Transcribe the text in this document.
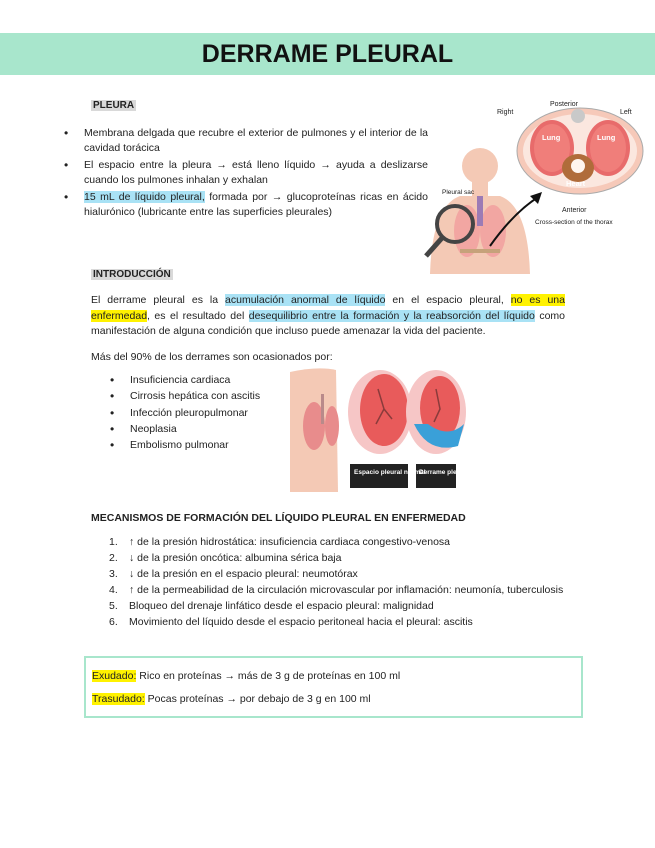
DERRAME PLEURAL
PLEURA
• Membrana delgada que recubre el exterior de pulmones y el interior de la cavidad torácica
• El espacio entre la pleura → está lleno líquido → ayuda a deslizarse cuando los pulmones inhalan y exhalan
• 15 mL de líquido pleural, formada por → glucoproteínas ricas en ácido hialurónico (lubricante entre las superficies pleurales)
Right
Posterior
Left
Lung	Lung
Heart
Pleural sac
Anterior
Cross-section of the thorax
INTRODUCCIÓN

El derrame pleural es la acumulación anormal de líquido en el espacio pleural, no es una enfermedad, es el resultado del desequilibrio entre la formación y la reabsorción del líquido como manifestación de alguna condición que incluso puede amenazar la vida del paciente.

Más del 90% de los derrames son ocasionados por:

• Insuficiencia cardiaca
• Cirrosis hepática con ascitis
• Infección pleuropulmonar
• Neoplasia
• Embolismo pulmonar
Espacio pleural normal
Derrame pleural
MECANISMOS DE FORMACIÓN DEL LÍQUIDO PLEURAL EN ENFERMEDAD
1. ↑ de la presión hidrostática: insuficiencia cardiaca congestivo-venosa
2. ↓ de la presión oncótica: albumina sérica baja
3. ↓ de la presión en el espacio pleural: neumotórax
4. ↑ de la permeabilidad de la circulación microvascular por inflamación: neumonía, tuberculosis
5. Bloqueo del drenaje linfático desde el espacio pleural: malignidad
6. Movimiento del líquido desde el espacio peritoneal hacia el pleural: ascitis

Exudado: Rico en proteínas → más de 3 g de proteínas en 100 ml

Trasudado: Pocas proteínas → por debajo de 3 g en 100 ml
